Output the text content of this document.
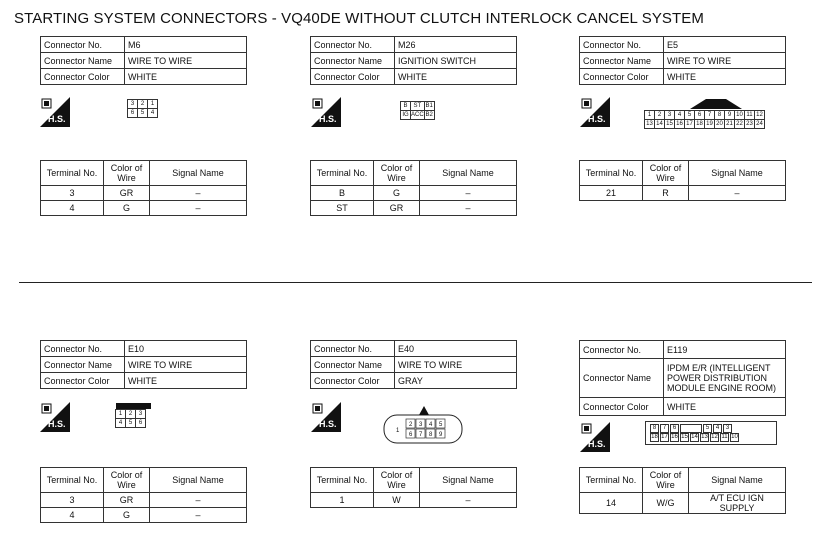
STARTING SYSTEM CONNECTORS - VQ40DE WITHOUT CLUTCH INTERLOCK CANCEL SYSTEM
Connector No.	M6
Connector Name	WIRE TO WIRE
Connector Color	WHITE
H.S.
3	2	1
6	5	4
Terminal No.	Color of Wire	Signal Name
3	GR	–
4	G	–
Connector No.	M26
Connector Name	IGNITION SWITCH
Connector Color	WHITE
H.S.
B	ST	B1
IG	ACC	B2
Terminal No.	Color of Wire	Signal Name
B	G	–
ST	GR	–
Connector No.	E5
Connector Name	WIRE TO WIRE
Connector Color	WHITE
H.S.	1	2	3	4	5	6	7	8	9	10	11	12
13	14	15	16	17	18	19	20	21	22	23	24
Terminal No.	Color of Wire	Signal Name
21	R	–
Connector No.	E10
Connector Name	WIRE TO WIRE
Connector Color	WHITE
H.S.
1	2	3
4	5	6
Terminal No.	Color of Wire	Signal Name
3	GR	–
4	G	–
Connector No.	E40
Connector Name	WIRE TO WIRE
Connector Color	GRAY
H.S.
1
2 3 4 5
6 7 8 9
Terminal No.	Color of Wire	Signal Name
1	W	–
Connector No.	E119
Connector Name	IPDM E/R (INTELLIGENT POWER DISTRIBUTION MODULE ENGINE ROOM)
Connector Color	WHITE
H.S.
8	7	6	5	4	3
18 17 16 15 14 13 12 11 10
Terminal No.	Color of Wire	Signal Name
14	W/G	A/T ECU IGN SUPPLY
